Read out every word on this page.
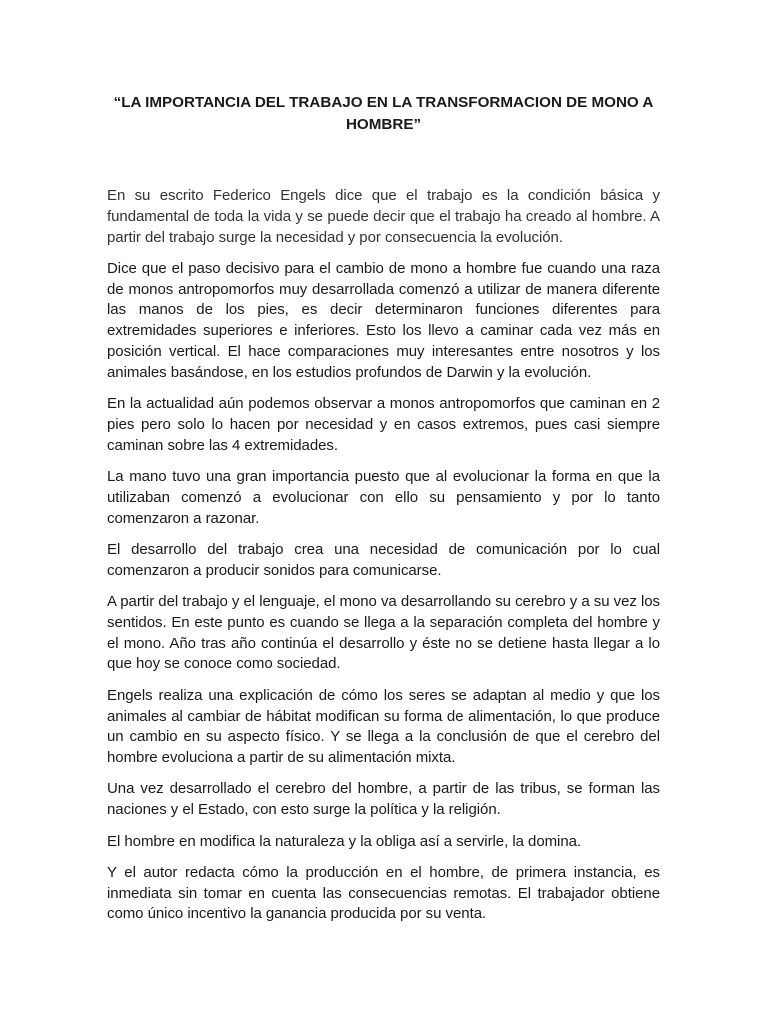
“LA IMPORTANCIA DEL TRABAJO EN LA TRANSFORMACION DE MONO A
HOMBRE”

En su escrito Federico Engels dice que el trabajo es la condición básica y fundamental de toda la vida y se puede decir que el trabajo ha creado al hombre. A partir del trabajo surge la necesidad y por consecuencia la evolución.

Dice que el paso decisivo para el cambio de mono a hombre fue cuando una raza de monos antropomorfos muy desarrollada comenzó a utilizar de manera diferente las manos de los pies, es decir determinaron funciones diferentes para extremidades superiores e inferiores. Esto los llevo a caminar cada vez más en posición vertical. El hace comparaciones muy interesantes entre nosotros y los animales basándose, en los estudios profundos de Darwin y la evolución.

En la actualidad aún podemos observar a monos antropomorfos que caminan en 2 pies pero solo lo hacen por necesidad y en casos extremos, pues casi siempre caminan sobre las 4 extremidades.

La mano tuvo una gran importancia puesto que al evolucionar la forma en que la utilizaban comenzó a evolucionar con ello su pensamiento y por lo tanto comenzaron a razonar.

El desarrollo del trabajo crea una necesidad de comunicación por lo cual comenzaron a producir sonidos para comunicarse.

A partir del trabajo y el lenguaje, el mono va desarrollando su cerebro y a su vez los sentidos. En este punto es cuando se llega a la separación completa del hombre y el mono. Año tras año continúa el desarrollo y éste no se detiene hasta llegar a lo que hoy se conoce como sociedad.

Engels realiza una explicación de cómo los seres se adaptan al medio y que los animales al cambiar de hábitat modifican su forma de alimentación, lo que produce un cambio en su aspecto físico. Y se llega a la conclusión de que el cerebro del hombre evoluciona a partir de su alimentación mixta.

Una vez desarrollado el cerebro del hombre, a partir de las tribus, se forman las naciones y el Estado, con esto surge la política y la religión.

El hombre en modifica la naturaleza y la obliga así a servirle, la domina.

Y el autor redacta cómo la producción en el hombre, de primera instancia, es inmediata sin tomar en cuenta las consecuencias remotas. El trabajador obtiene como único incentivo la ganancia producida por su venta.
